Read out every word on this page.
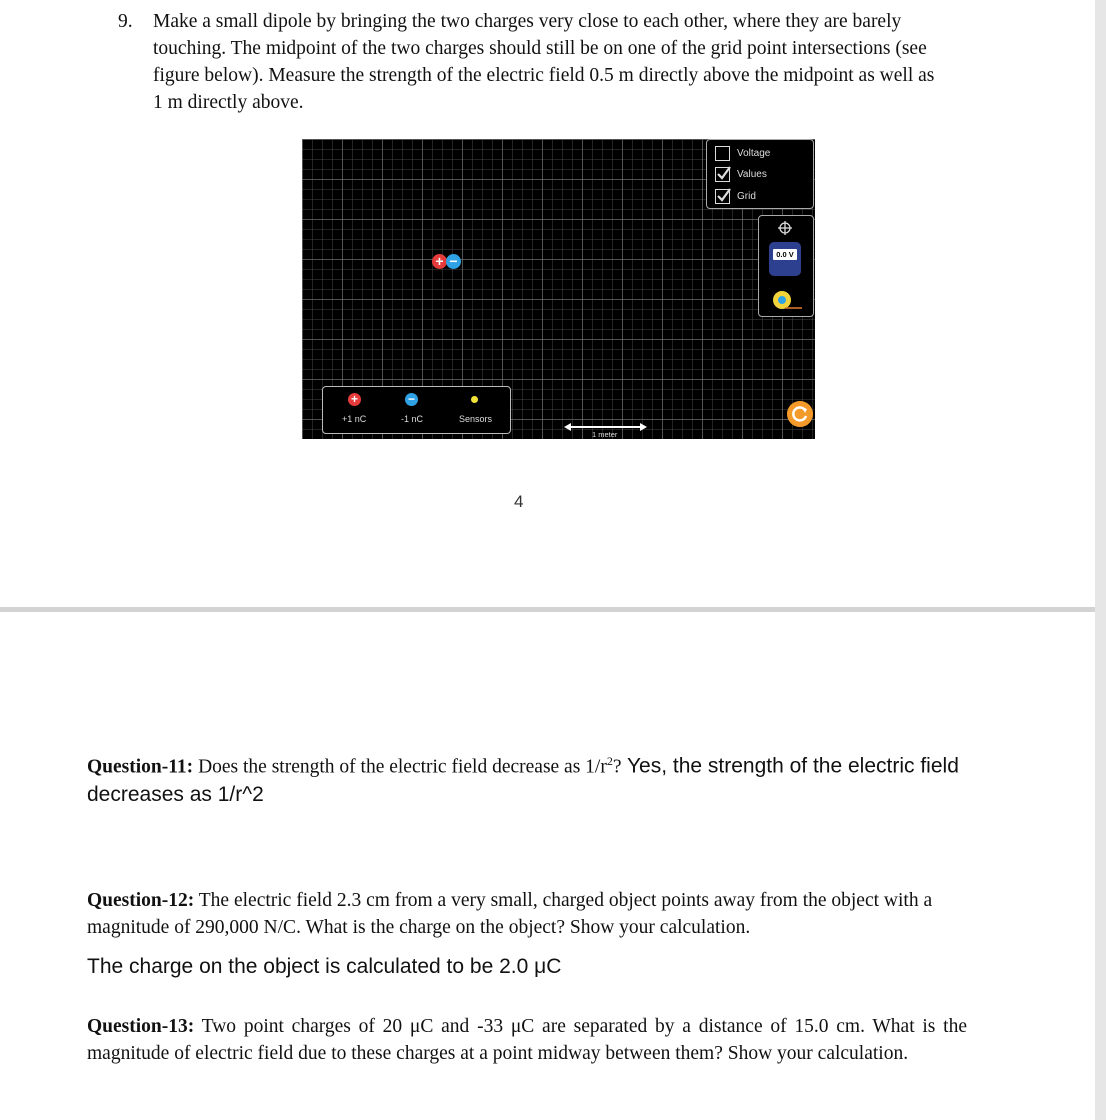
9. Make a small dipole by bringing the two charges very close to each other, where they are barely touching. The midpoint of the two charges should still be on one of the grid point intersections (see figure below). Measure the strength of the electric field 0.5 m directly above the midpoint as well as 1 m directly above.
Voltage
Values
Grid
0.0 V
+ −
+	−
+1 nC	-1 nC	Sensors
1 meter
4
Question-11: Does the strength of the electric field decrease as $1/r^2$? Yes, the strength of the electric field decreases as 1/r^2
Question-12: The electric field 2.3 cm from a very small, charged object points away from the object with a magnitude of 290,000 N/C. What is the charge on the object? Show your calculation.
The charge on the object is calculated to be 2.0 μC
Question-13: Two point charges of 20 μC and -33 μC are separated by a distance of 15.0 cm. What is the magnitude of electric field due to these charges at a point midway between them? Show your calculation.
